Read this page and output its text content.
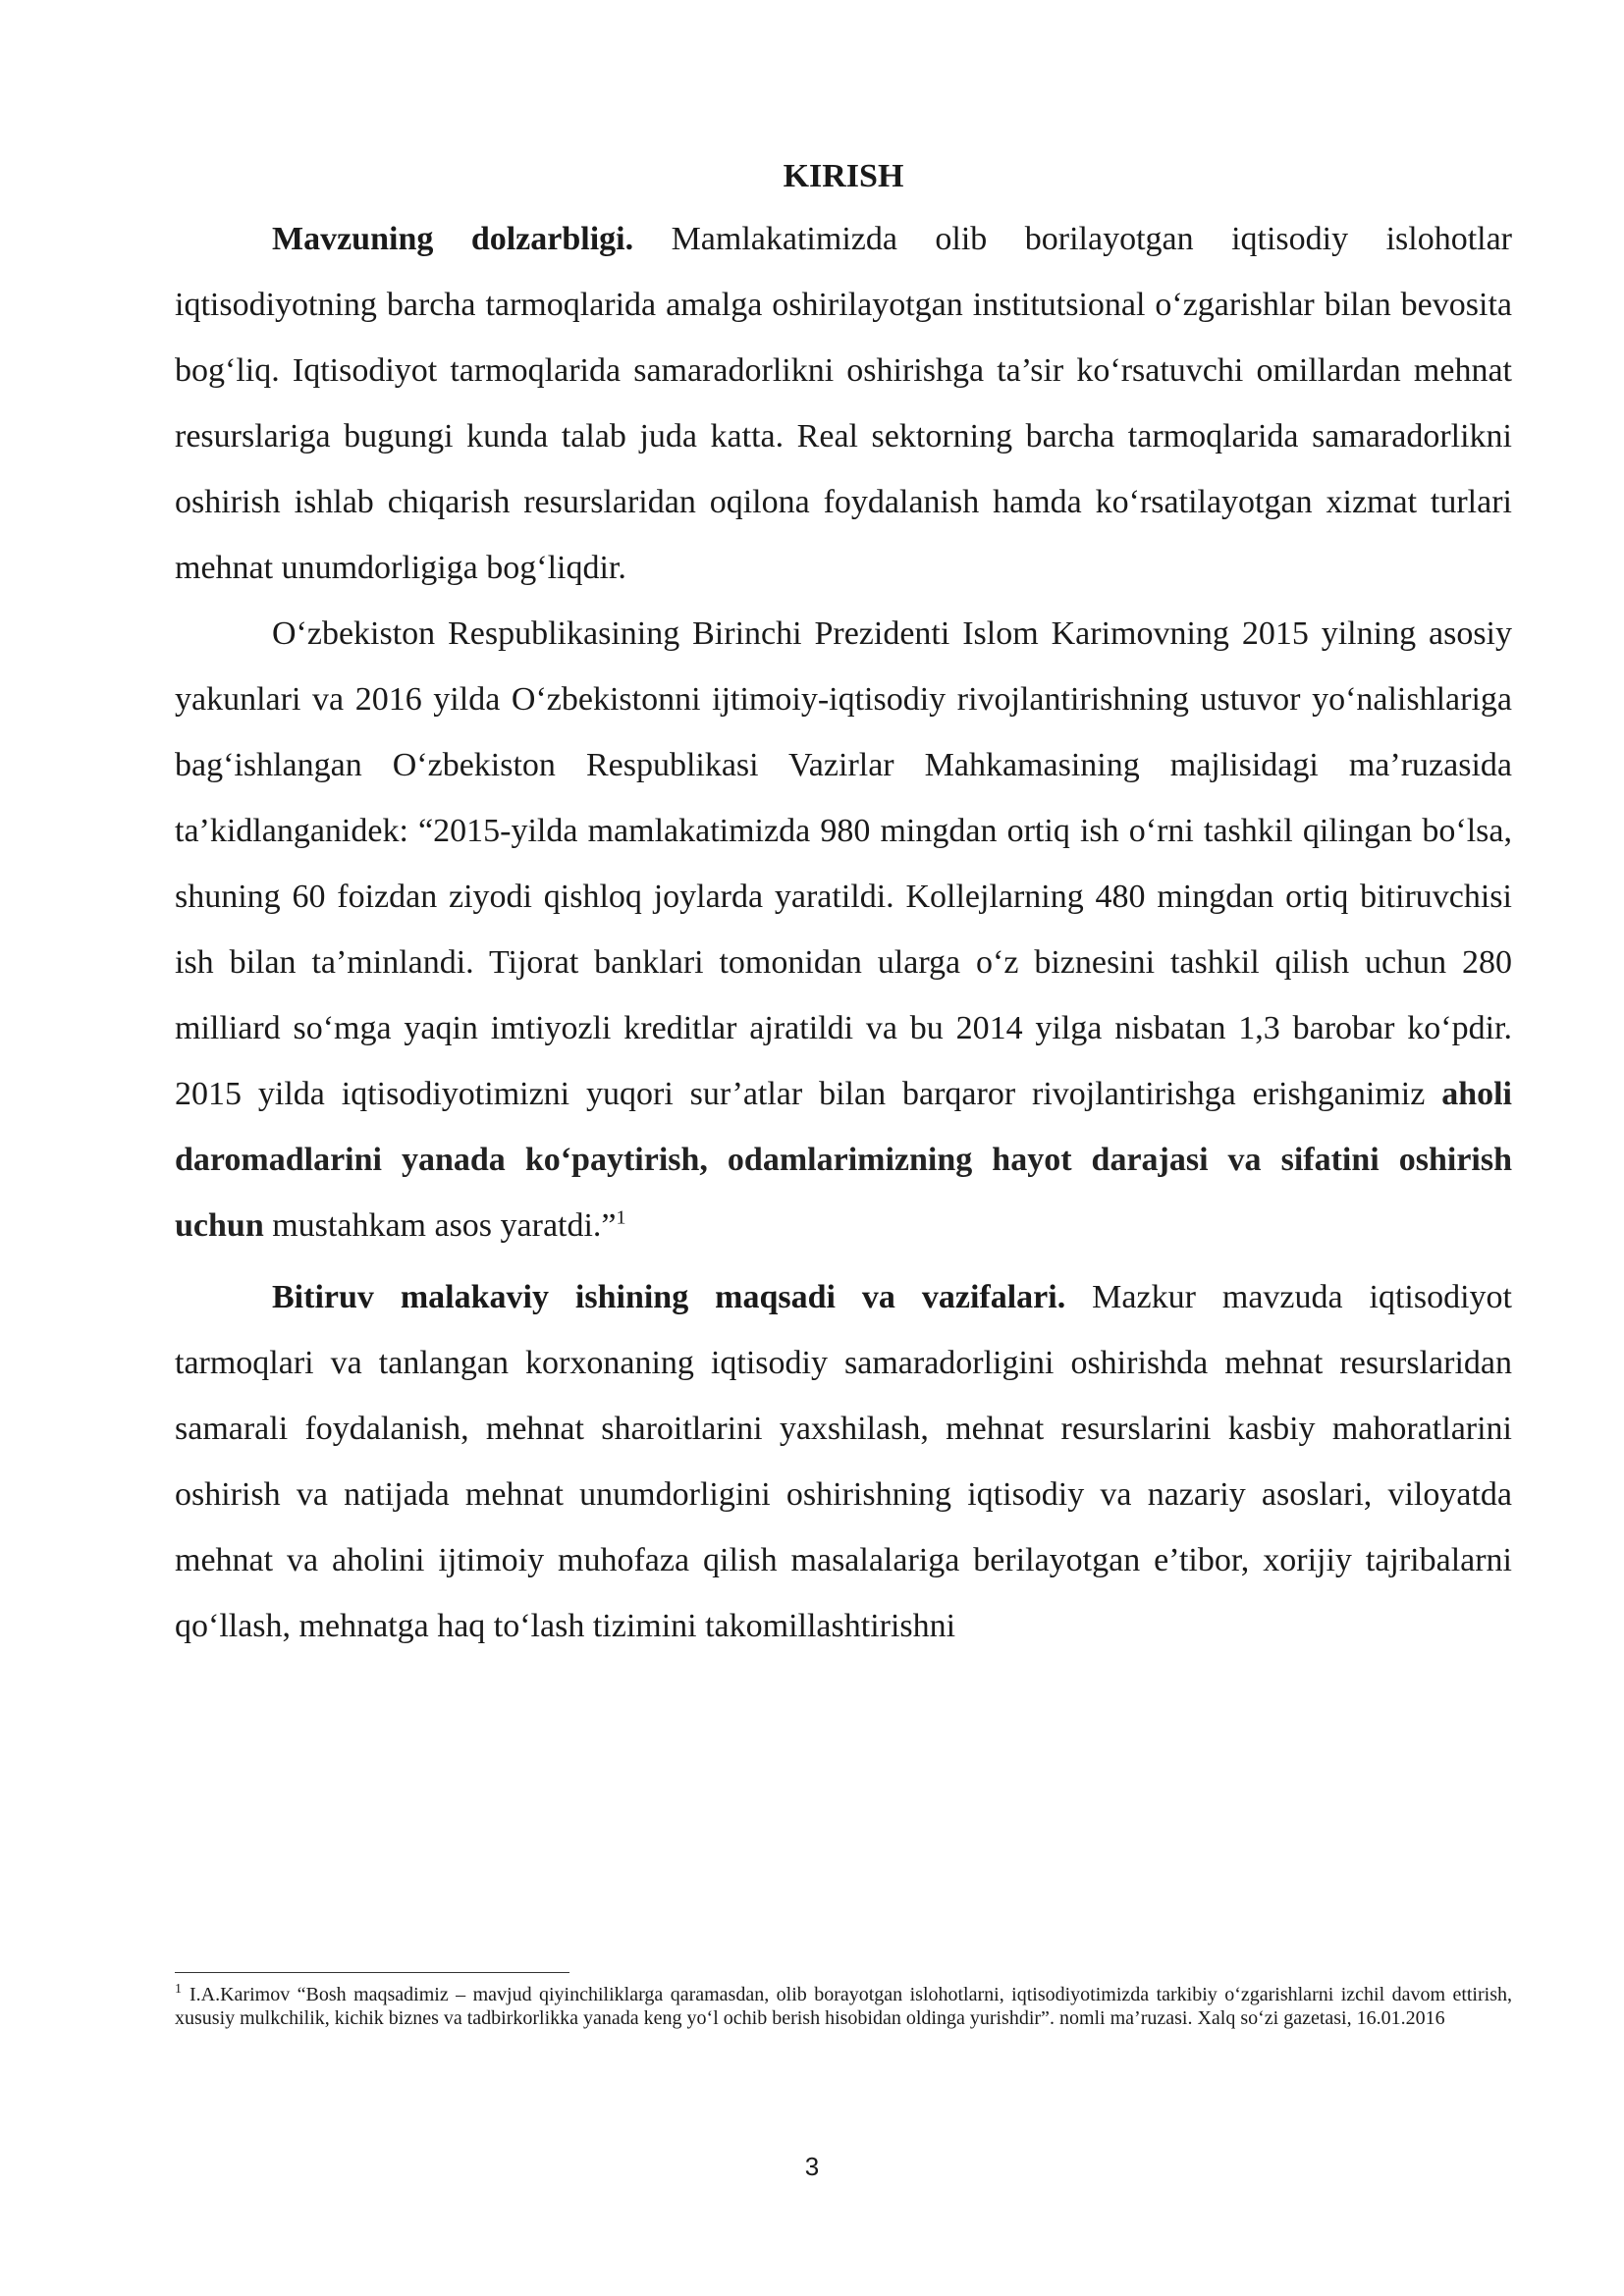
KIRISH

Mavzuning dolzarbligi. Mamlakatimizda olib borilayotgan iqtisodiy islohotlar iqtisodiyotning barcha tarmoqlarida amalga oshirilayotgan institutsional o‘zgarishlar bilan bevosita bog‘liq. Iqtisodiyot tarmoqlarida samaradorlikni oshirishga ta’sir ko‘rsatuvchi omillardan mehnat resurslariga bugungi kunda talab juda katta. Real sektorning barcha tarmoqlarida samaradorlikni oshirish ishlab chiqarish resurslaridan oqilona foydalanish hamda ko‘rsatilayotgan xizmat turlari mehnat unumdorligiga bog‘liqdir.

O‘zbekiston Respublikasining Birinchi Prezidenti Islom Karimovning 2015 yilning asosiy yakunlari va 2016 yilda O‘zbekistonni ijtimoiy-iqtisodiy rivojlantirishning ustuvor yo‘nalishlariga bag‘ishlangan O‘zbekiston Respublikasi Vazirlar Mahkamasining majlisidagi ma’ruzasida ta’kidlanganidek: “2015-yilda mamlakatimizda 980 mingdan ortiq ish o‘rni tashkil qilingan bo‘lsa, shuning 60 foizdan ziyodi qishloq joylarda yaratildi. Kollejlarning 480 mingdan ortiq bitiruvchisi ish bilan ta’minlandi. Tijorat banklari tomonidan ularga o‘z biznesini tashkil qilish uchun 280 milliard so‘mga yaqin imtiyozli kreditlar ajratildi va bu 2014 yilga nisbatan 1,3 barobar ko‘pdir. 2015 yilda iqtisodiyotimizni yuqori sur’atlar bilan barqaror rivojlantirishga erishganimiz aholi daromadlarini yanada ko‘paytirish, odamlarimizning hayot darajasi va sifatini oshirish uchun mustahkam asos yaratdi.”$^1$

Bitiruv malakaviy ishining maqsadi va vazifalari. Mazkur mavzuda iqtisodiyot tarmoqlari va tanlangan korxonaning iqtisodiy samaradorligini oshirishda mehnat resurslaridan samarali foydalanish, mehnat sharoitlarini yaxshilash, mehnat resurslarini kasbiy mahoratlarini oshirish va natijada mehnat unumdorligini oshirishning iqtisodiy va nazariy asoslari, viloyatda mehnat va aholini ijtimoiy muhofaza qilish masalalariga berilayotgan e’tibor, xorijiy tajribalarni qo‘llash, mehnatga haq to‘lash tizimini takomillashtirishni

$^1$ I.A.Karimov “Bosh maqsadimiz – mavjud qiyinchiliklarga qaramasdan, olib borayotgan islohotlarni, iqtisodiyotimizda tarkibiy o‘zgarishlarni izchil davom ettirish, xususiy mulkchilik, kichik biznes va tadbirkorlikka yanada keng yo‘l ochib berish hisobidan oldinga yurishdir”. nomli ma’ruzasi. Xalq so‘zi gazetasi, 16.01.2016

3
